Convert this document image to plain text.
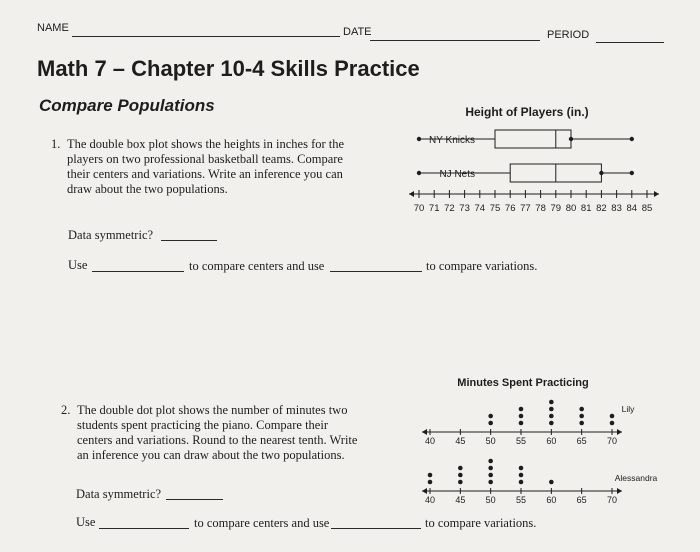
NAME	DATE	PERIOD
Math 7 – Chapter 10-4 Skills Practice
Compare Populations
1. The double box plot shows the heights in inches for the
players on two professional basketball teams. Compare
their centers and variations. Write an inference you can
draw about the two populations.
Data symmetric?
Use	to compare centers and use	to compare variations.
2. The double dot plot shows the number of minutes two
students spent practicing the piano. Compare their
centers and variations. Round to the nearest tenth. Write
an inference you can draw about the two populations.
Data symmetric?
Use	to compare centers and use	to compare variations.
Height of Players (in.)
70 71 72 73 74 75 76 77 78 79 80 81 82 83 84 85
NY Knicks
NJ Nets
Minutes Spent Practicing
40 45 50 55 60 65 70
Lily
40 45 50 55 60 65 70
Alessandra
